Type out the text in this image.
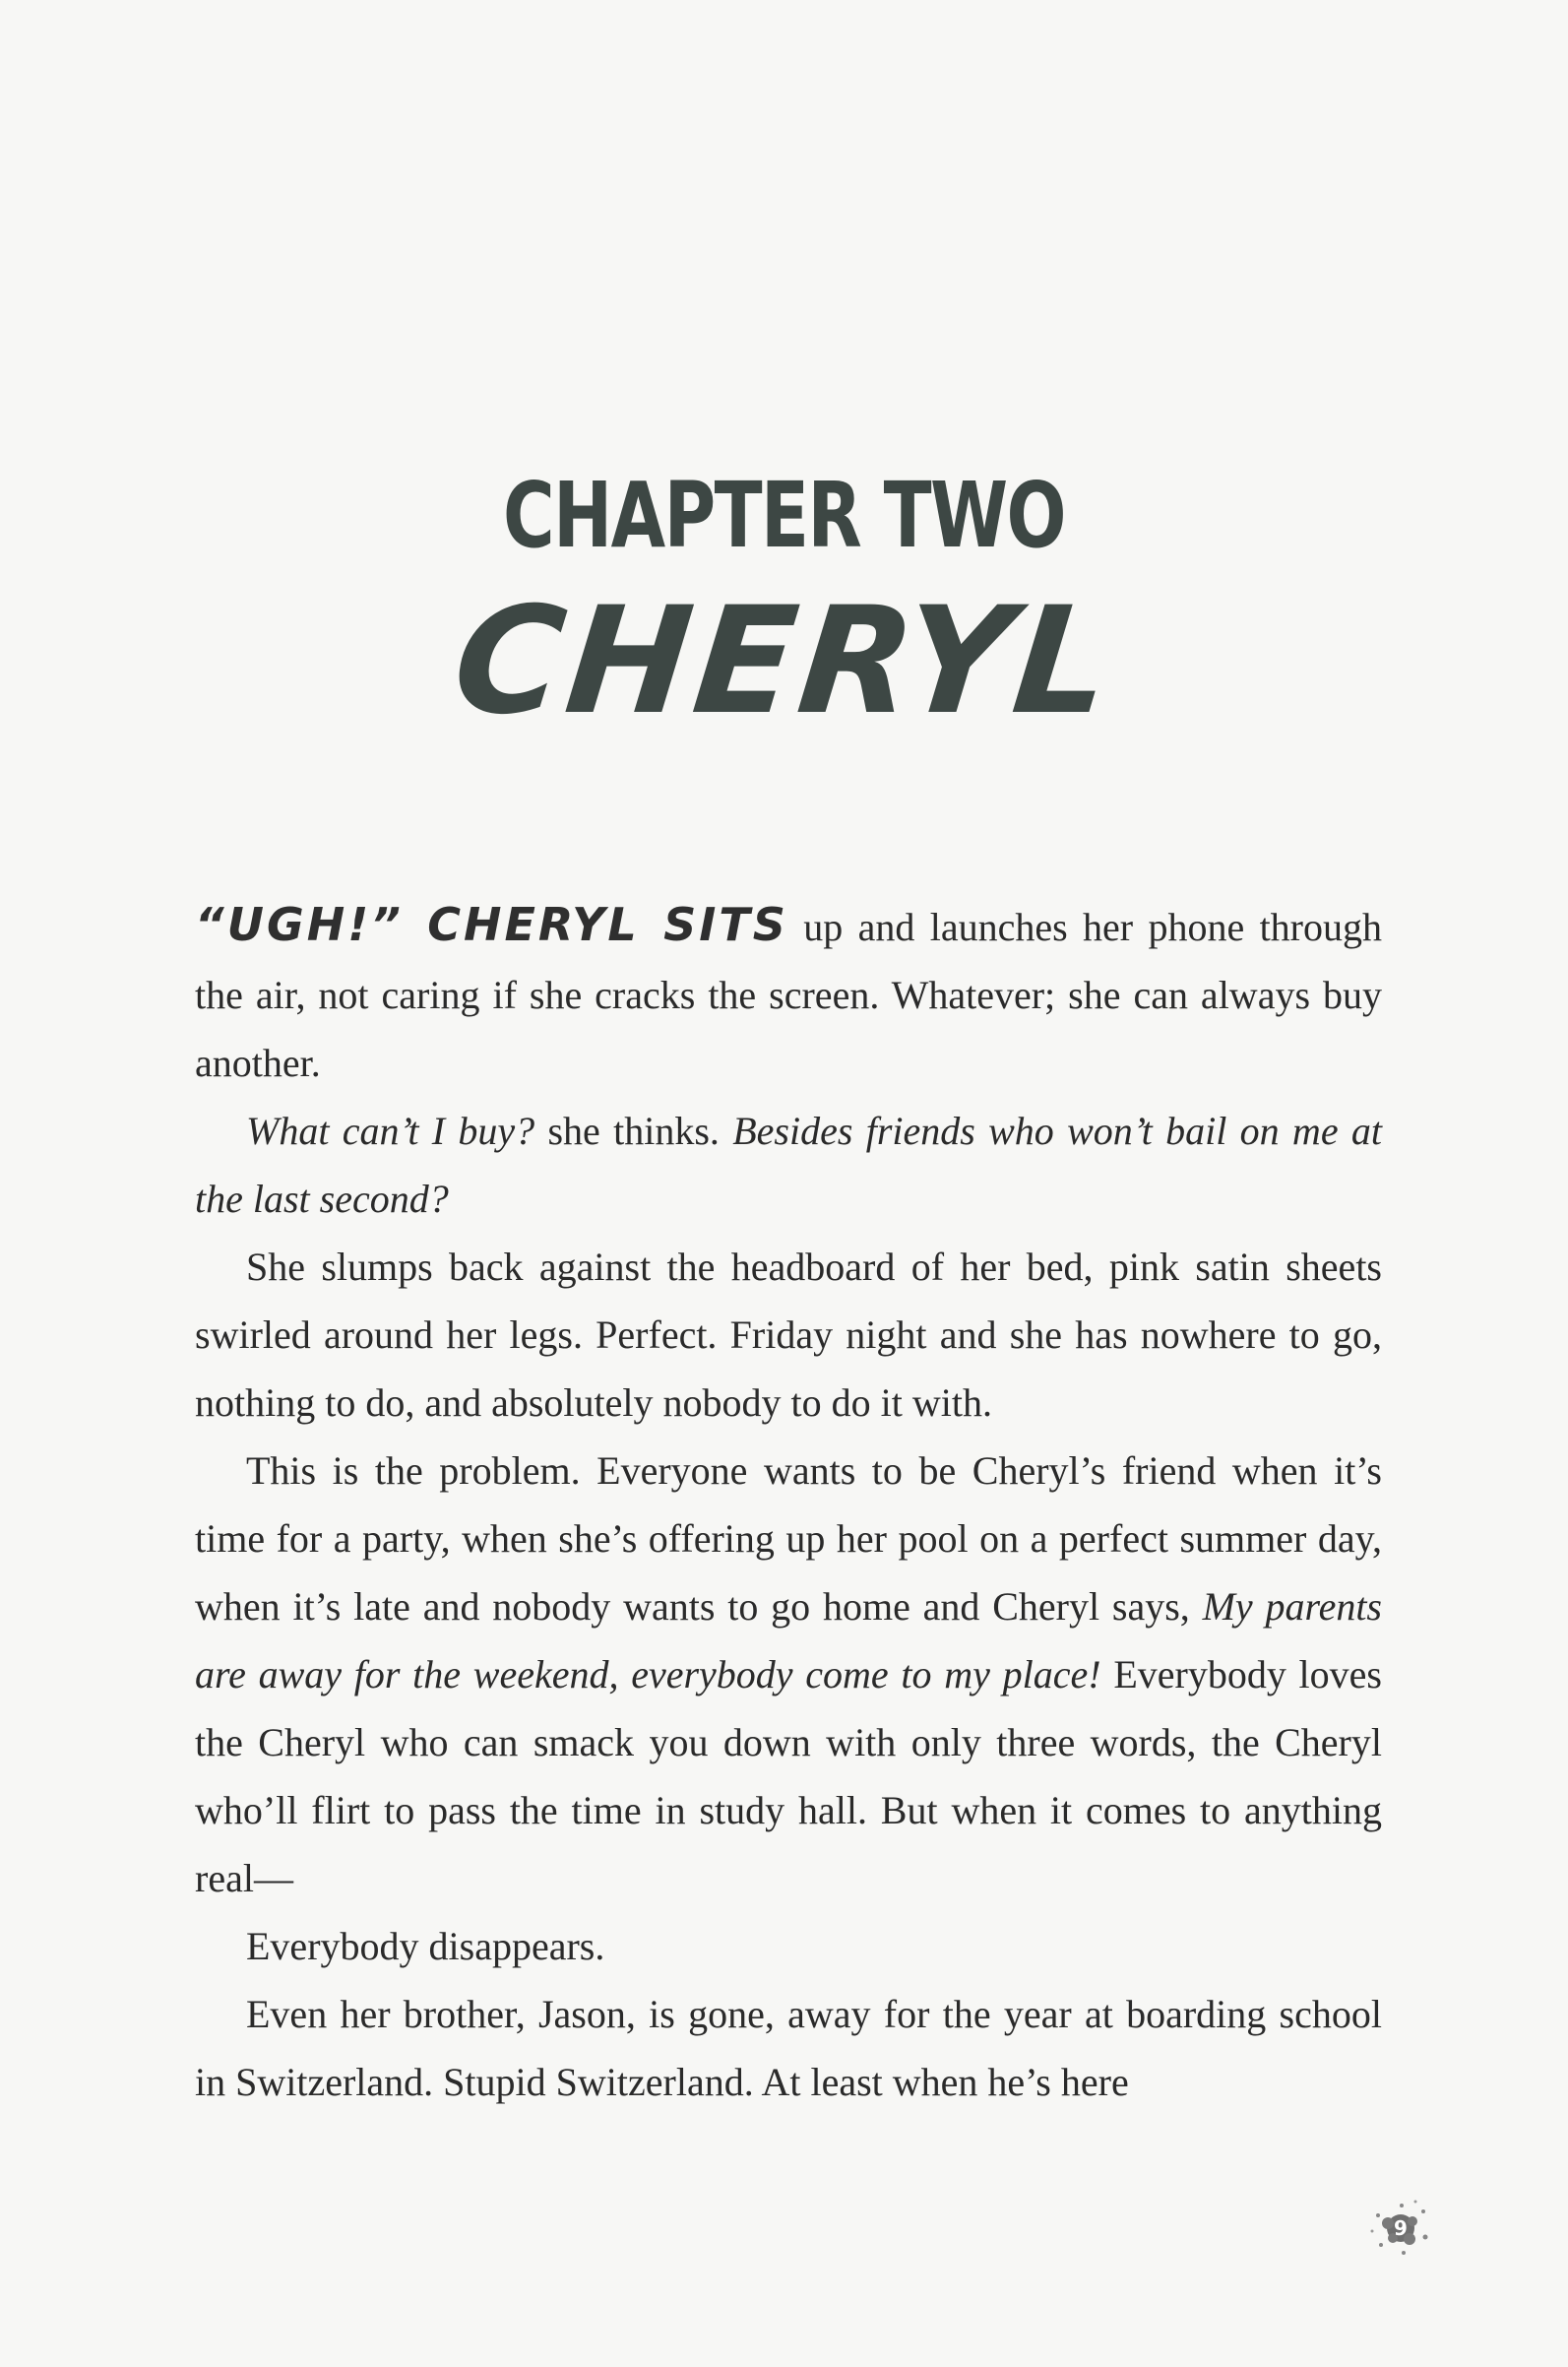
CHAPTER TWO
CHERYL

“UGH!” CHERYL SITS up and launches her phone through the air, not caring if she cracks the screen. Whatever; she can always buy another.

What can’t I buy? she thinks. Besides friends who won’t bail on me at the last second?

She slumps back against the headboard of her bed, pink satin sheets swirled around her legs. Perfect. Friday night and she has nowhere to go, nothing to do, and absolutely nobody to do it with.

This is the problem. Everyone wants to be Cheryl’s friend when it’s time for a party, when she’s offering up her pool on a perfect summer day, when it’s late and nobody wants to go home and Cheryl says, My parents are away for the weekend, everybody come to my place! Everybody loves the Cheryl who can smack you down with only three words, the Cheryl who’ll flirt to pass the time in study hall. But when it comes to anything real—

Everybody disappears.

Even her brother, Jason, is gone, away for the year at boarding school in Switzerland. Stupid Switzerland. At least when he’s here

9
